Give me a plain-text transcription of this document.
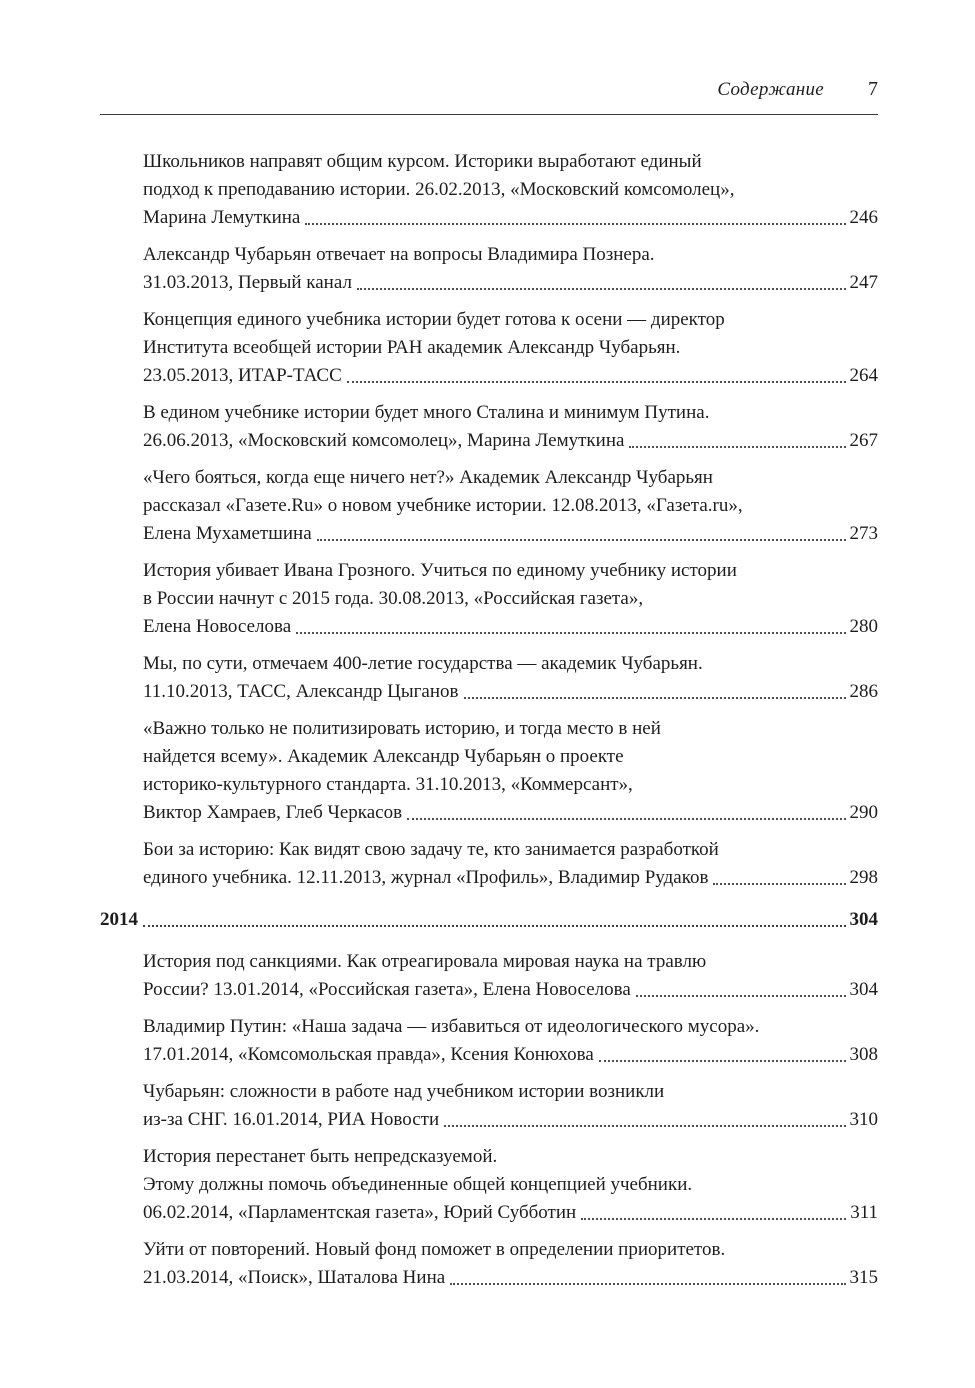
Содержание 7
Школьников направят общим курсом. Историки выработают единый
подход к преподаванию истории. 26.02.2013, «Московский комсомолец»,
Марина Лемуткина	246
Александр Чубарьян отвечает на вопросы Владимира Познера.
31.03.2013, Первый канал	247
Концепция единого учебника истории будет готова к осени — директор
Института всеобщей истории РАН академик Александр Чубарьян.
23.05.2013, ИТАР-ТАСС	264
В едином учебнике истории будет много Сталина и минимум Путина.
26.06.2013, «Московский комсомолец», Марина Лемуткина	267
«Чего бояться, когда еще ничего нет?» Академик Александр Чубарьян
рассказал «Газете.Ru» о новом учебнике истории. 12.08.2013, «Газета.ru»,
Елена Мухаметшина	273
История убивает Ивана Грозного. Учиться по единому учебнику истории
в России начнут с 2015 года. 30.08.2013, «Российская газета»,
Елена Новоселова	280
Мы, по сути, отмечаем 400-летие государства — академик Чубарьян.
11.10.2013, ТАСС, Александр Цыганов	286
«Важно только не политизировать историю, и тогда место в ней
найдется всему». Академик Александр Чубарьян о проекте
историко-культурного стандарта. 31.10.2013, «Коммерсант»,
Виктор Хамраев, Глеб Черкасов	290
Бои за историю: Как видят свою задачу те, кто занимается разработкой
единого учебника. 12.11.2013, журнал «Профиль», Владимир Рудаков	298
2014	304
История под санкциями. Как отреагировала мировая наука на травлю
России? 13.01.2014, «Российская газета», Елена Новоселова	304
Владимир Путин: «Наша задача — избавиться от идеологического мусора».
17.01.2014, «Комсомольская правда», Ксения Конюхова	308
Чубарьян: сложности в работе над учебником истории возникли
из-за СНГ. 16.01.2014, РИА Новости	310
История перестанет быть непредсказуемой.
Этому должны помочь объединенные общей концепцией учебники.
06.02.2014, «Парламентская газета», Юрий Субботин	311
Уйти от повторений. Новый фонд поможет в определении приоритетов.
21.03.2014, «Поиск», Шаталова Нина	315
